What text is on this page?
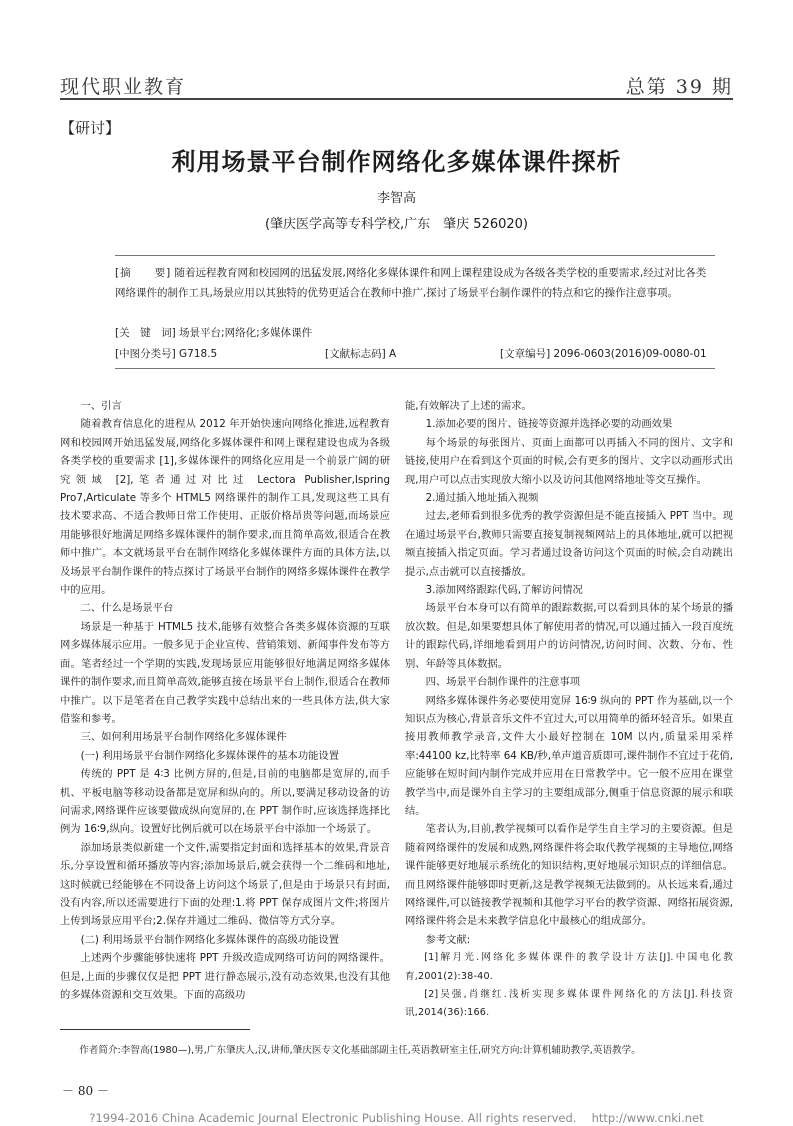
现代职业教育	总第 39 期
【研讨】
利用场景平台制作网络化多媒体课件探析
李智高
(肇庆医学高等专科学校,广东　肇庆 526020)
[摘　　要] 随着远程教育网和校园网的迅猛发展,网络化多媒体课件和网上课程建设成为各级各类学校的重要需求,经过对比各类网络课件的制作工具,场景应用以其独特的优势更适合在教师中推广,探讨了场景平台制作课件的特点和它的操作注意事项。
[关　键　词] 场景平台;网络化;多媒体课件
[中图分类号] G718.5	[文献标志码] A	[文章编号] 2096-0603(2016)09-0080-01

一、引言

随着教育信息化的进程从 2012 年开始快速向网络化推进,远程教育网和校园网开始迅猛发展,网络化多媒体课件和网上课程建设也成为各级各类学校的重要需求 [1],多媒体课件的网络化应用是一个前景广阔的研究领域 [2],笔者通过对比过 Lectora Publisher,Ispring Pro7,Articulate 等多个 HTML5 网络课件的制作工具,发现这些工具有技术要求高、不适合教师日常工作使用、正版价格昂贵等问题,而场景应用能够很好地满足网络多媒体课件的制作要求,而且简单高效,很适合在教师中推广。本文就场景平台在制作网络化多媒体课件方面的具体方法,以及场景平台制作课件的特点探讨了场景平台制作的网络多媒体课件在教学中的应用。

二、什么是场景平台

场景是一种基于 HTML5 技术,能够有效整合各类多媒体资源的互联网多媒体展示应用。一般多见于企业宣传、营销策划、新闻事件发布等方面。笔者经过一个学期的实践,发现场景应用能够很好地满足网络多媒体课件的制作要求,而且简单高效,能够直接在场景平台上制作,很适合在教师中推广。以下是笔者在自己教学实践中总结出来的一些具体方法,供大家借鉴和参考。

三、如何利用场景平台制作网络化多媒体课件

(一) 利用场景平台制作网络化多媒体课件的基本功能设置

传统的 PPT 是 4∶3 比例方屏的,但是,目前的电脑都是宽屏的,而手机、平板电脑等移动设备都是宽屏和纵向的。所以,要满足移动设备的访问需求,网络课件应该要做成纵向宽屏的,在 PPT 制作时,应该选择选择比例为 16∶9,纵向。设置好比例后就可以在场景平台中添加一个场景了。

添加场景类似新建一个文件,需要指定封面和选择基本的效果,背景音乐,分享设置和循环播放等内容;添加场景后,就会获得一个二维码和地址,这时候就已经能够在不同设备上访问这个场景了,但是由于场景只有封面,没有内容,所以还需要进行下面的处理:1.将 PPT 保存成图片文件;将图片上传到场景应用平台;2.保存并通过二维码、微信等方式分享。

(二) 利用场景平台制作网络化多媒体课件的高级功能设置

上述两个步骤能够快速将 PPT 升级改造成网络可访问的网络课件。但是,上面的步骤仅仅是把 PPT 进行静态展示,没有动态效果,也没有其他的多媒体资源和交互效果。下面的高级功

能,有效解决了上述的需求。

1.添加必要的图片、链接等资源并选择必要的动画效果

每个场景的每张图片、页面上面都可以再插入不同的图片、文字和链接,使用户在看到这个页面的时候,会有更多的图片、文字以动画形式出现,用户可以点击实现放大缩小以及访问其他网络地址等交互操作。

2.通过插入地址插入视频

过去,老师看到很多优秀的教学资源但是不能直接插入 PPT 当中。现在通过场景平台,教师只需要直接复制视频网站上的具体地址,就可以把视频直接插入指定页面。学习者通过设备访问这个页面的时候,会自动跳出提示,点击就可以直接播放。

3.添加网络跟踪代码,了解访问情况

场景平台本身可以有简单的跟踪数据,可以看到具体的某个场景的播放次数。但是,如果要想具体了解使用者的情况,可以通过插入一段百度统计的跟踪代码,详细地看到用户的访问情况,访问时间、次数、分布、性别、年龄等具体数据。

四、场景平台制作课件的注意事项

网络多媒体课件务必要使用宽屏 16∶9 纵向的 PPT 作为基础,以一个知识点为核心,背景音乐文件不宜过大,可以用简单的循环轻音乐。如果直接用教师教学录音,文件大小最好控制在 10M 以内,质量采用采样率:44100 kz,比特率 64 KB/秒,单声道音质即可,课件制作不宜过于花俏,应能够在短时间内制作完成并应用在日常教学中。它一般不应用在课堂教学当中,而是课外自主学习的主要组成部分,侧重于信息资源的展示和联结。

笔者认为,目前,教学视频可以看作是学生自主学习的主要资源。但是随着网络课件的发展和成熟,网络课件将会取代教学视频的主导地位,网络课件能够更好地展示系统化的知识结构,更好地展示知识点的详细信息。而且网络课件能够即时更新,这是教学视频无法做到的。从长远来看,通过网络课件,可以链接教学视频和其他学习平台的教学资源、网络拓展资源,网络课件将会是未来教学信息化中最核心的组成部分。

参考文献:

[1]解月光.网络化多媒体课件的教学设计方法[J].中国电化教育,2001(2):38-40.

[2]吴强,肖继红.浅析实现多媒体课件网络化的方法[J].科技资讯,2014(36):166.

作者简介:李智高(1980—),男,广东肇庆人,汉,讲师,肇庆医专文化基础部副主任,英语教研室主任,研究方向:计算机辅助教学,英语教学。
－ 80 －
?1994-2016 China Academic Journal Electronic Publishing House. All rights reserved.　 http://www.cnki.net
